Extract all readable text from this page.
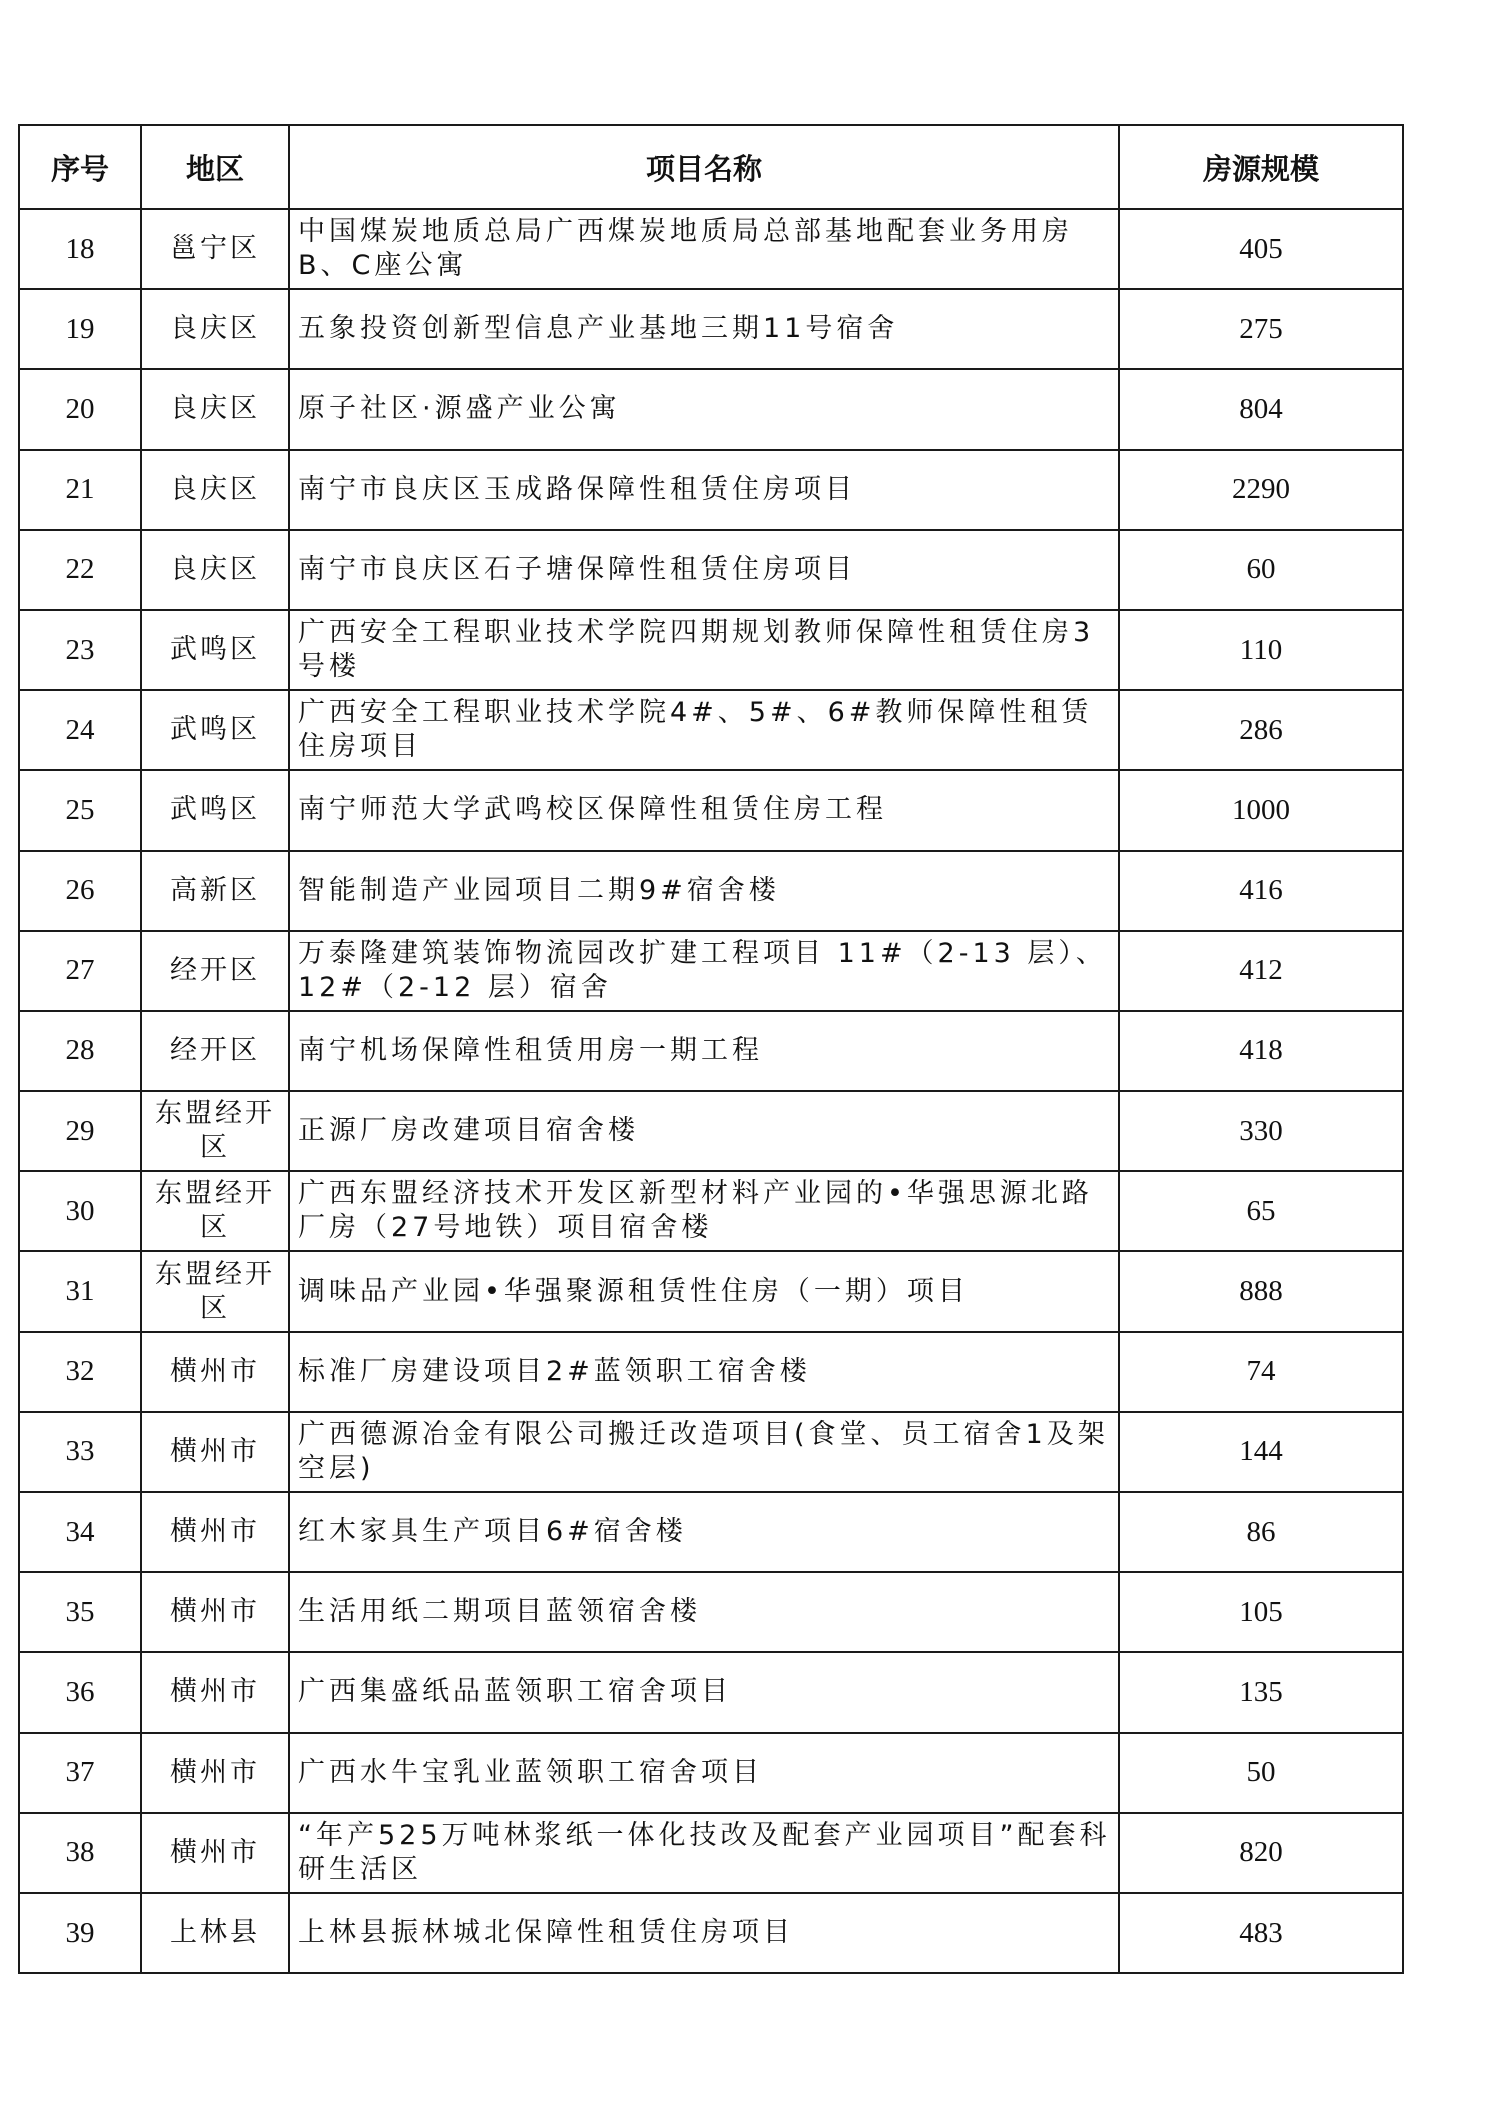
序号	地区	项目名称	房源规模
18	邕宁区	中国煤炭地质总局广西煤炭地质局总部基地配套业务用房B、C座公寓	405
19	良庆区	五象投资创新型信息产业基地三期11号宿舍	275
20	良庆区	原子社区·源盛产业公寓	804
21	良庆区	南宁市良庆区玉成路保障性租赁住房项目	2290
22	良庆区	南宁市良庆区石子塘保障性租赁住房项目	60
23	武鸣区	广西安全工程职业技术学院四期规划教师保障性租赁住房3号楼	110
24	武鸣区	广西安全工程职业技术学院4#、5#、6#教师保障性租赁住房项目	286
25	武鸣区	南宁师范大学武鸣校区保障性租赁住房工程	1000
26	高新区	智能制造产业园项目二期9#宿舍楼	416
27	经开区	万泰隆建筑装饰物流园改扩建工程项目 11#（2-13 层）、12#（2-12 层）宿舍	412
28	经开区	南宁机场保障性租赁用房一期工程	418
29	东盟经开区	正源厂房改建项目宿舍楼	330
30	东盟经开区	广西东盟经济技术开发区新型材料产业园的•华强思源北路厂房（27号地铁）项目宿舍楼	65
31	东盟经开区	调味品产业园•华强聚源租赁性住房（一期）项目	888
32	横州市	标准厂房建设项目2#蓝领职工宿舍楼	74
33	横州市	广西德源冶金有限公司搬迁改造项目(食堂、员工宿舍1及架空层)	144
34	横州市	红木家具生产项目6#宿舍楼	86
35	横州市	生活用纸二期项目蓝领宿舍楼	105
36	横州市	广西集盛纸品蓝领职工宿舍项目	135
37	横州市	广西水牛宝乳业蓝领职工宿舍项目	50
38	横州市	“年产525万吨林浆纸一体化技改及配套产业园项目”配套科研生活区	820
39	上林县	上林县振林城北保障性租赁住房项目	483
